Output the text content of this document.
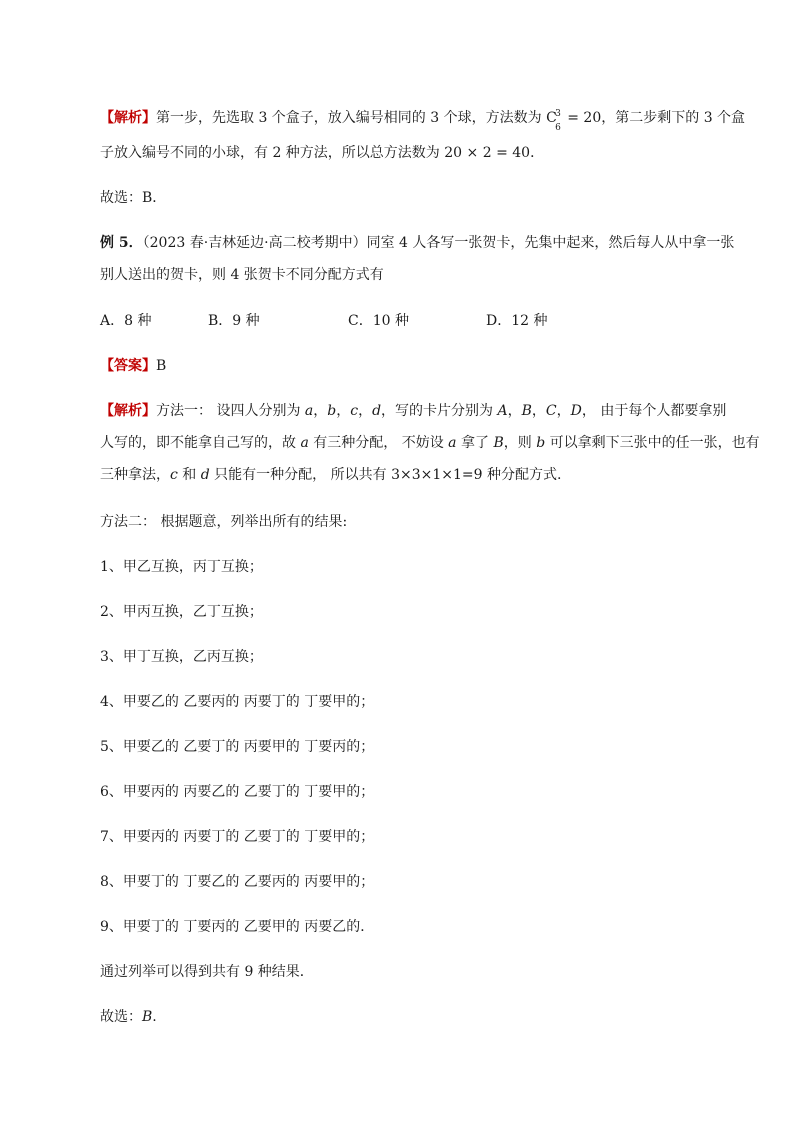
【解析】第一步，先选取 3 个盒子，放入编号相同的 3 个球，方法数为 C
3
6
= 20，第二步剩下的 3 个盒
子放入编号不同的小球，有 2 种方法，所以总方法数为 20 × 2 = 40．
故选：B．
例 5．（2023 春·吉林延边·高二校考期中）同室 4 人各写一张贺卡，先集中起来，然后每人从中拿一张
别人送出的贺卡，则 4 张贺卡不同分配方式有
A．8 种	B．9 种	C．10 种	D．12 种
【答案】B
【解析】方法一： 设四人分别为 a，b，c，d，写的卡片分别为 A，B，C，D， 由于每个人都要拿别
人写的，即不能拿自己写的，故 a 有三种分配， 不妨设 a 拿了 B，则 b 可以拿剩下三张中的任一张，也有
三种拿法，c 和 d 只能有一种分配， 所以共有 3×3×1×1=9 种分配方式.
方法二： 根据题意，列举出所有的结果:
1、甲乙互换，丙丁互换；
2、甲丙互换，乙丁互换；
3、甲丁互换，乙丙互换；
4、甲要乙的 乙要丙的 丙要丁的 丁要甲的；
5、甲要乙的 乙要丁的 丙要甲的 丁要丙的；
6、甲要丙的 丙要乙的 乙要丁的 丁要甲的；
7、甲要丙的 丙要丁的 乙要丁的 丁要甲的；
8、甲要丁的 丁要乙的 乙要丙的 丙要甲的；
9、甲要丁的 丁要丙的 乙要甲的 丙要乙的．
通过列举可以得到共有 9 种结果．
故选：B.
